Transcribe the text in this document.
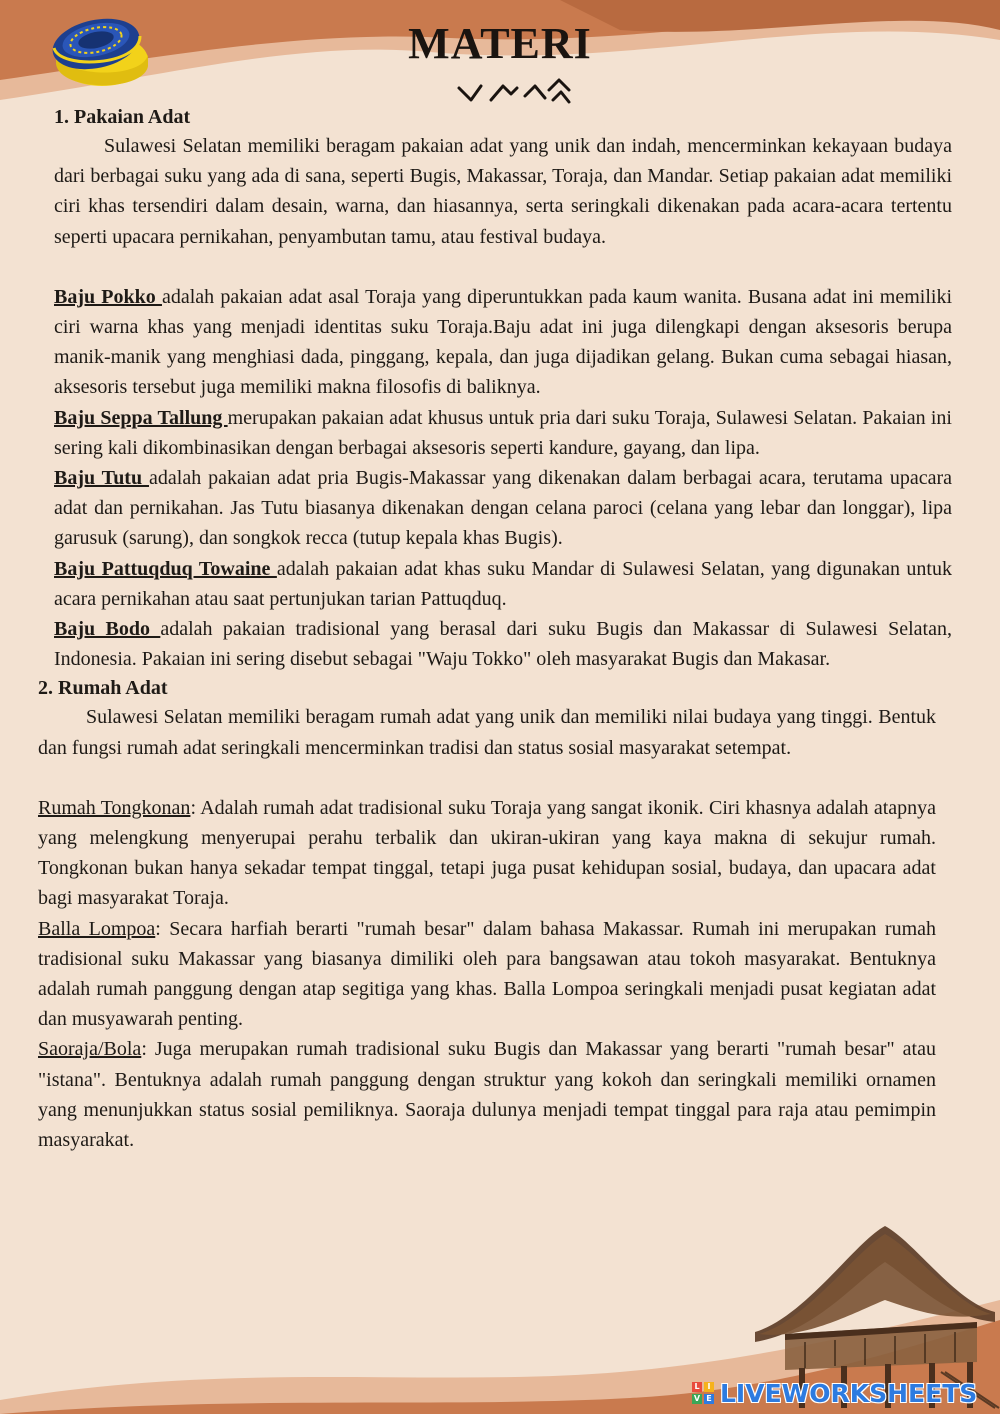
MATERI

1. Pakaian Adat

Sulawesi Selatan memiliki beragam pakaian adat yang unik dan indah, mencerminkan kekayaan budaya dari berbagai suku yang ada di sana, seperti Bugis, Makassar, Toraja, dan Mandar. Setiap pakaian adat memiliki ciri khas tersendiri dalam desain, warna, dan hiasannya, serta seringkali dikenakan pada acara-acara tertentu seperti upacara pernikahan, penyambutan tamu, atau festival budaya.

Baju Pokko adalah pakaian adat asal Toraja yang diperuntukkan pada kaum wanita. Busana adat ini memiliki ciri warna khas yang menjadi identitas suku Toraja.Baju adat ini juga dilengkapi dengan aksesoris berupa manik-manik yang menghiasi dada, pinggang, kepala, dan juga dijadikan gelang. Bukan cuma sebagai hiasan, aksesoris tersebut juga memiliki makna filosofis di baliknya.

Baju Seppa Tallung merupakan pakaian adat khusus untuk pria dari suku Toraja, Sulawesi Selatan. Pakaian ini sering kali dikombinasikan dengan berbagai aksesoris seperti kandure, gayang, dan lipa.

Baju Tutu adalah pakaian adat pria Bugis-Makassar yang dikenakan dalam berbagai acara, terutama upacara adat dan pernikahan. Jas Tutu biasanya dikenakan dengan celana paroci (celana yang lebar dan longgar), lipa garusuk (sarung), dan songkok recca (tutup kepala khas Bugis).

Baju Pattuqduq Towaine adalah pakaian adat khas suku Mandar di Sulawesi Selatan, yang digunakan untuk acara pernikahan atau saat pertunjukan tarian Pattuqduq.

Baju Bodo adalah pakaian tradisional yang berasal dari suku Bugis dan Makassar di Sulawesi Selatan, Indonesia. Pakaian ini sering disebut sebagai "Waju Tokko" oleh masyarakat Bugis dan Makasar.

2. Rumah Adat

Sulawesi Selatan memiliki beragam rumah adat yang unik dan memiliki nilai budaya yang tinggi. Bentuk dan fungsi rumah adat seringkali mencerminkan tradisi dan status sosial masyarakat setempat.

Rumah Tongkonan: Adalah rumah adat tradisional suku Toraja yang sangat ikonik. Ciri khasnya adalah atapnya yang melengkung menyerupai perahu terbalik dan ukiran-ukiran yang kaya makna di sekujur rumah. Tongkonan bukan hanya sekadar tempat tinggal, tetapi juga pusat kehidupan sosial, budaya, dan upacara adat bagi masyarakat Toraja.

Balla Lompoa: Secara harfiah berarti "rumah besar" dalam bahasa Makassar. Rumah ini merupakan rumah tradisional suku Makassar yang biasanya dimiliki oleh para bangsawan atau tokoh masyarakat. Bentuknya adalah rumah panggung dengan atap segitiga yang khas. Balla Lompoa seringkali menjadi pusat kegiatan adat dan musyawarah penting.

Saoraja/Bola: Juga merupakan rumah tradisional suku Bugis dan Makassar yang berarti "rumah besar" atau "istana". Bentuknya adalah rumah panggung dengan struktur yang kokoh dan seringkali memiliki ornamen yang menunjukkan status sosial pemiliknya. Saoraja dulunya menjadi tempat tinggal para raja atau pemimpin masyarakat.

L I
V E LIVEWORKSHEETS
